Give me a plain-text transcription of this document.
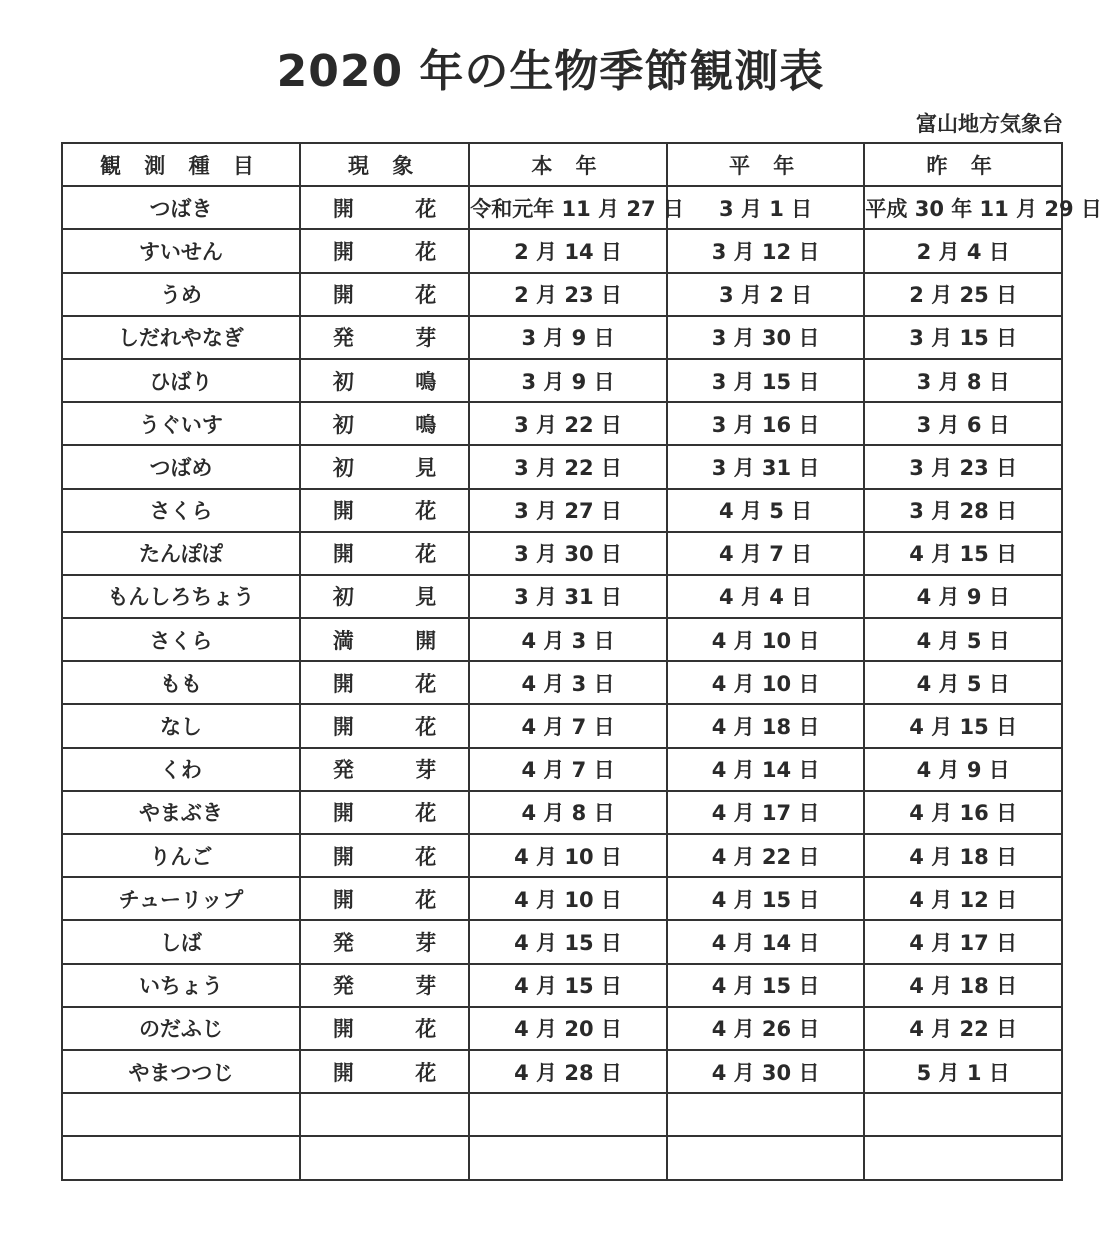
2020 年の生物季節観測表
富山地方気象台
観 測 種 目	現 象	本 年	平 年	昨 年
つばき	開 花	令和元年 11 月 27 日	3 月 1 日	平成 30 年 11 月 29 日
すいせん	開 花	2 月 14 日	3 月 12 日	2 月 4 日
うめ	開 花	2 月 23 日	3 月 2 日	2 月 25 日
しだれやなぎ	発 芽	3 月 9 日	3 月 30 日	3 月 15 日
ひばり	初 鳴	3 月 9 日	3 月 15 日	3 月 8 日
うぐいす	初 鳴	3 月 22 日	3 月 16 日	3 月 6 日
つばめ	初 見	3 月 22 日	3 月 31 日	3 月 23 日
さくら	開 花	3 月 27 日	4 月 5 日	3 月 28 日
たんぽぽ	開 花	3 月 30 日	4 月 7 日	4 月 15 日
もんしろちょう	初 見	3 月 31 日	4 月 4 日	4 月 9 日
さくら	満 開	4 月 3 日	4 月 10 日	4 月 5 日
もも	開 花	4 月 3 日	4 月 10 日	4 月 5 日
なし	開 花	4 月 7 日	4 月 18 日	4 月 15 日
くわ	発 芽	4 月 7 日	4 月 14 日	4 月 9 日
やまぶき	開 花	4 月 8 日	4 月 17 日	4 月 16 日
りんご	開 花	4 月 10 日	4 月 22 日	4 月 18 日
チューリップ	開 花	4 月 10 日	4 月 15 日	4 月 12 日
しば	発 芽	4 月 15 日	4 月 14 日	4 月 17 日
いちょう	発 芽	4 月 15 日	4 月 15 日	4 月 18 日
のだふじ	開 花	4 月 20 日	4 月 26 日	4 月 22 日
やまつつじ	開 花	4 月 28 日	4 月 30 日	5 月 1 日
